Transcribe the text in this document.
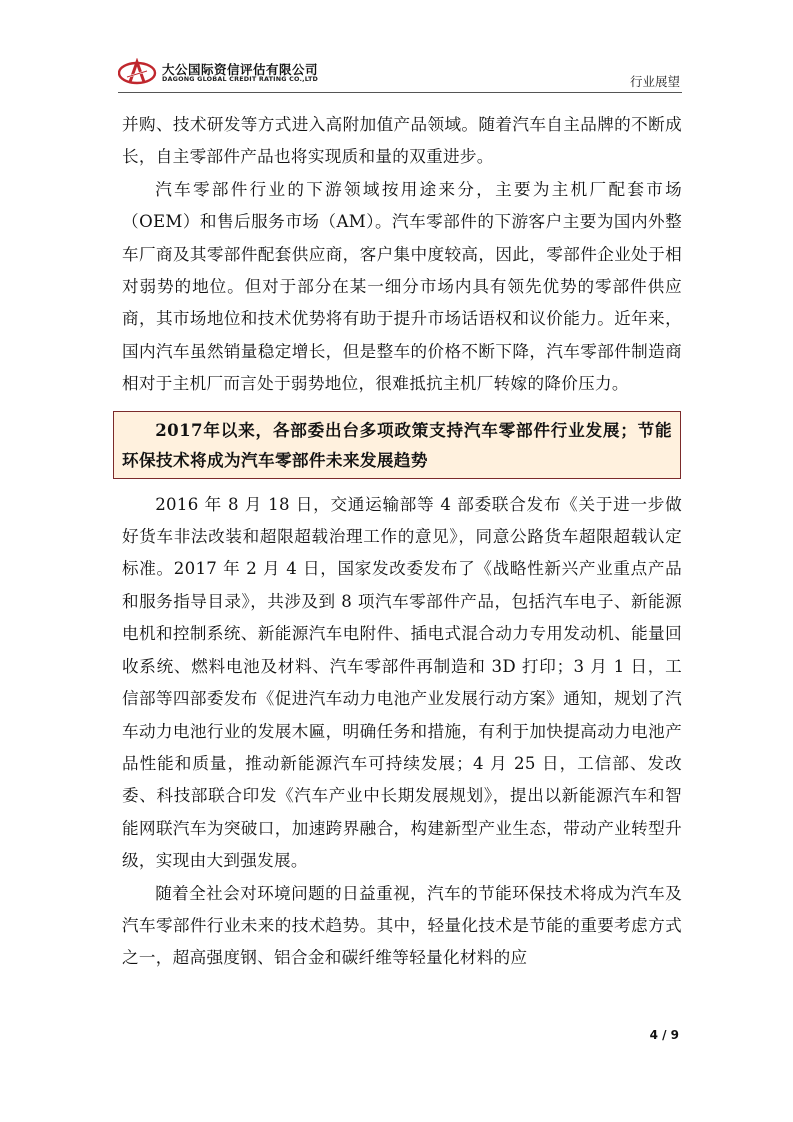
大公国际资信评估有限公司
DAGONG GLOBAL CREDIT RATING CO.,LTD	行业展望

并购、技术研发等方式进入高附加值产品领域。随着汽车自主品牌的不断成长，自主零部件产品也将实现质和量的双重进步。

汽车零部件行业的下游领域按用途来分，主要为主机厂配套市场（OEM）和售后服务市场（AM）。汽车零部件的下游客户主要为国内外整车厂商及其零部件配套供应商，客户集中度较高，因此，零部件企业处于相对弱势的地位。但对于部分在某一细分市场内具有领先优势的零部件供应商，其市场地位和技术优势将有助于提升市场话语权和议价能力。近年来，国内汽车虽然销量稳定增长，但是整车的价格不断下降，汽车零部件制造商相对于主机厂而言处于弱势地位，很难抵抗主机厂转嫁的降价压力。

2017年以来，各部委出台多项政策支持汽车零部件行业发展；节能环保技术将成为汽车零部件未来发展趋势

2016 年 8 月 18 日，交通运输部等 4 部委联合发布《关于进一步做好货车非法改装和超限超载治理工作的意见》，同意公路货车超限超载认定标准。2017 年 2 月 4 日，国家发改委发布了《战略性新兴产业重点产品和服务指导目录》，共涉及到 8 项汽车零部件产品，包括汽车电子、新能源电机和控制系统、新能源汽车电附件、插电式混合动力专用发动机、能量回收系统、燃料电池及材料、汽车零部件再制造和 3D 打印；3 月 1 日，工信部等四部委发布《促进汽车动力电池产业发展行动方案》通知，规划了汽车动力电池行业的发展木匾，明确任务和措施，有利于加快提高动力电池产品性能和质量，推动新能源汽车可持续发展；4 月 25 日，工信部、发改委、科技部联合印发《汽车产业中长期发展规划》，提出以新能源汽车和智能网联汽车为突破口，加速跨界融合，构建新型产业生态，带动产业转型升级，实现由大到强发展。

随着全社会对环境问题的日益重视，汽车的节能环保技术将成为汽车及汽车零部件行业未来的技术趋势。其中，轻量化技术是节能的重要考虑方式之一，超高强度钢、铝合金和碳纤维等轻量化材料的应

4 / 9
